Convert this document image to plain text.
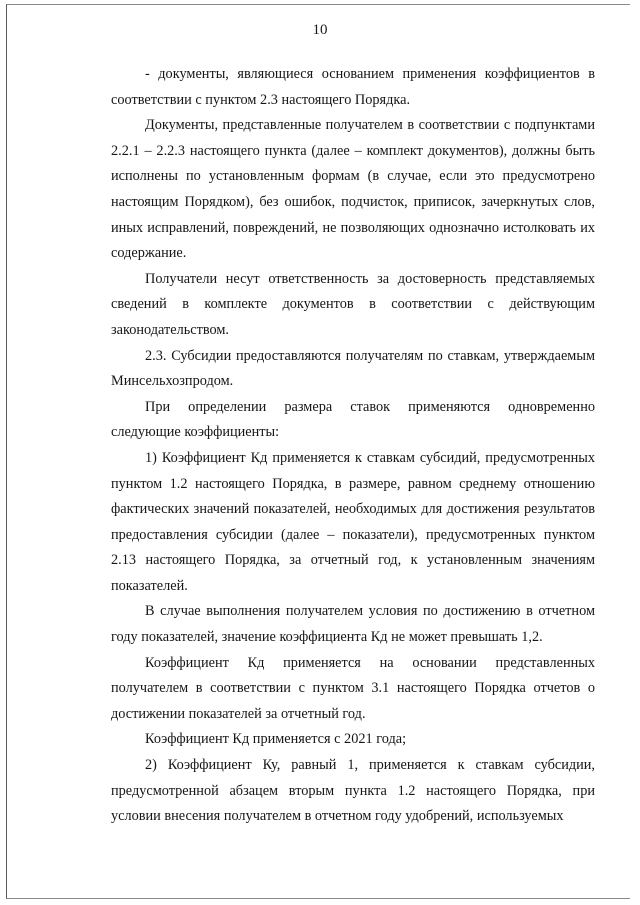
10

- документы, являющиеся основанием применения коэффициентов в соответствии с пунктом 2.3 настоящего Порядка.

Документы, представленные получателем в соответствии с подпунктами 2.2.1 – 2.2.3 настоящего пункта (далее – комплект документов), должны быть исполнены по установленным формам (в случае, если это предусмотрено настоящим Порядком), без ошибок, подчисток, приписок, зачеркнутых слов, иных исправлений, повреждений, не позволяющих однозначно истолковать их содержание.

Получатели несут ответственность за достоверность представляемых сведений в комплекте документов в соответствии с действующим законодательством.

2.3. Субсидии предоставляются получателям по ставкам, утверждаемым Минсельхозпродом.

При определении размера ставок применяются одновременно следующие коэффициенты:

1) Коэффициент Кд применяется к ставкам субсидий, предусмотренных пунктом 1.2 настоящего Порядка, в размере, равном среднему отношению фактических значений показателей, необходимых для достижения результатов предоставления субсидии (далее – показатели), предусмотренных пунктом 2.13 настоящего Порядка, за отчетный год, к установленным значениям показателей.

В случае выполнения получателем условия по достижению в отчетном году показателей, значение коэффициента Кд не может превышать 1,2.

Коэффициент Кд применяется на основании представленных получателем в соответствии с пунктом 3.1 настоящего Порядка отчетов о достижении показателей за отчетный год.

Коэффициент Кд применяется с 2021 года;

2) Коэффициент Ку, равный 1, применяется к ставкам субсидии, предусмотренной абзацем вторым пункта 1.2 настоящего Порядка, при условии внесения получателем в отчетном году удобрений, используемых
